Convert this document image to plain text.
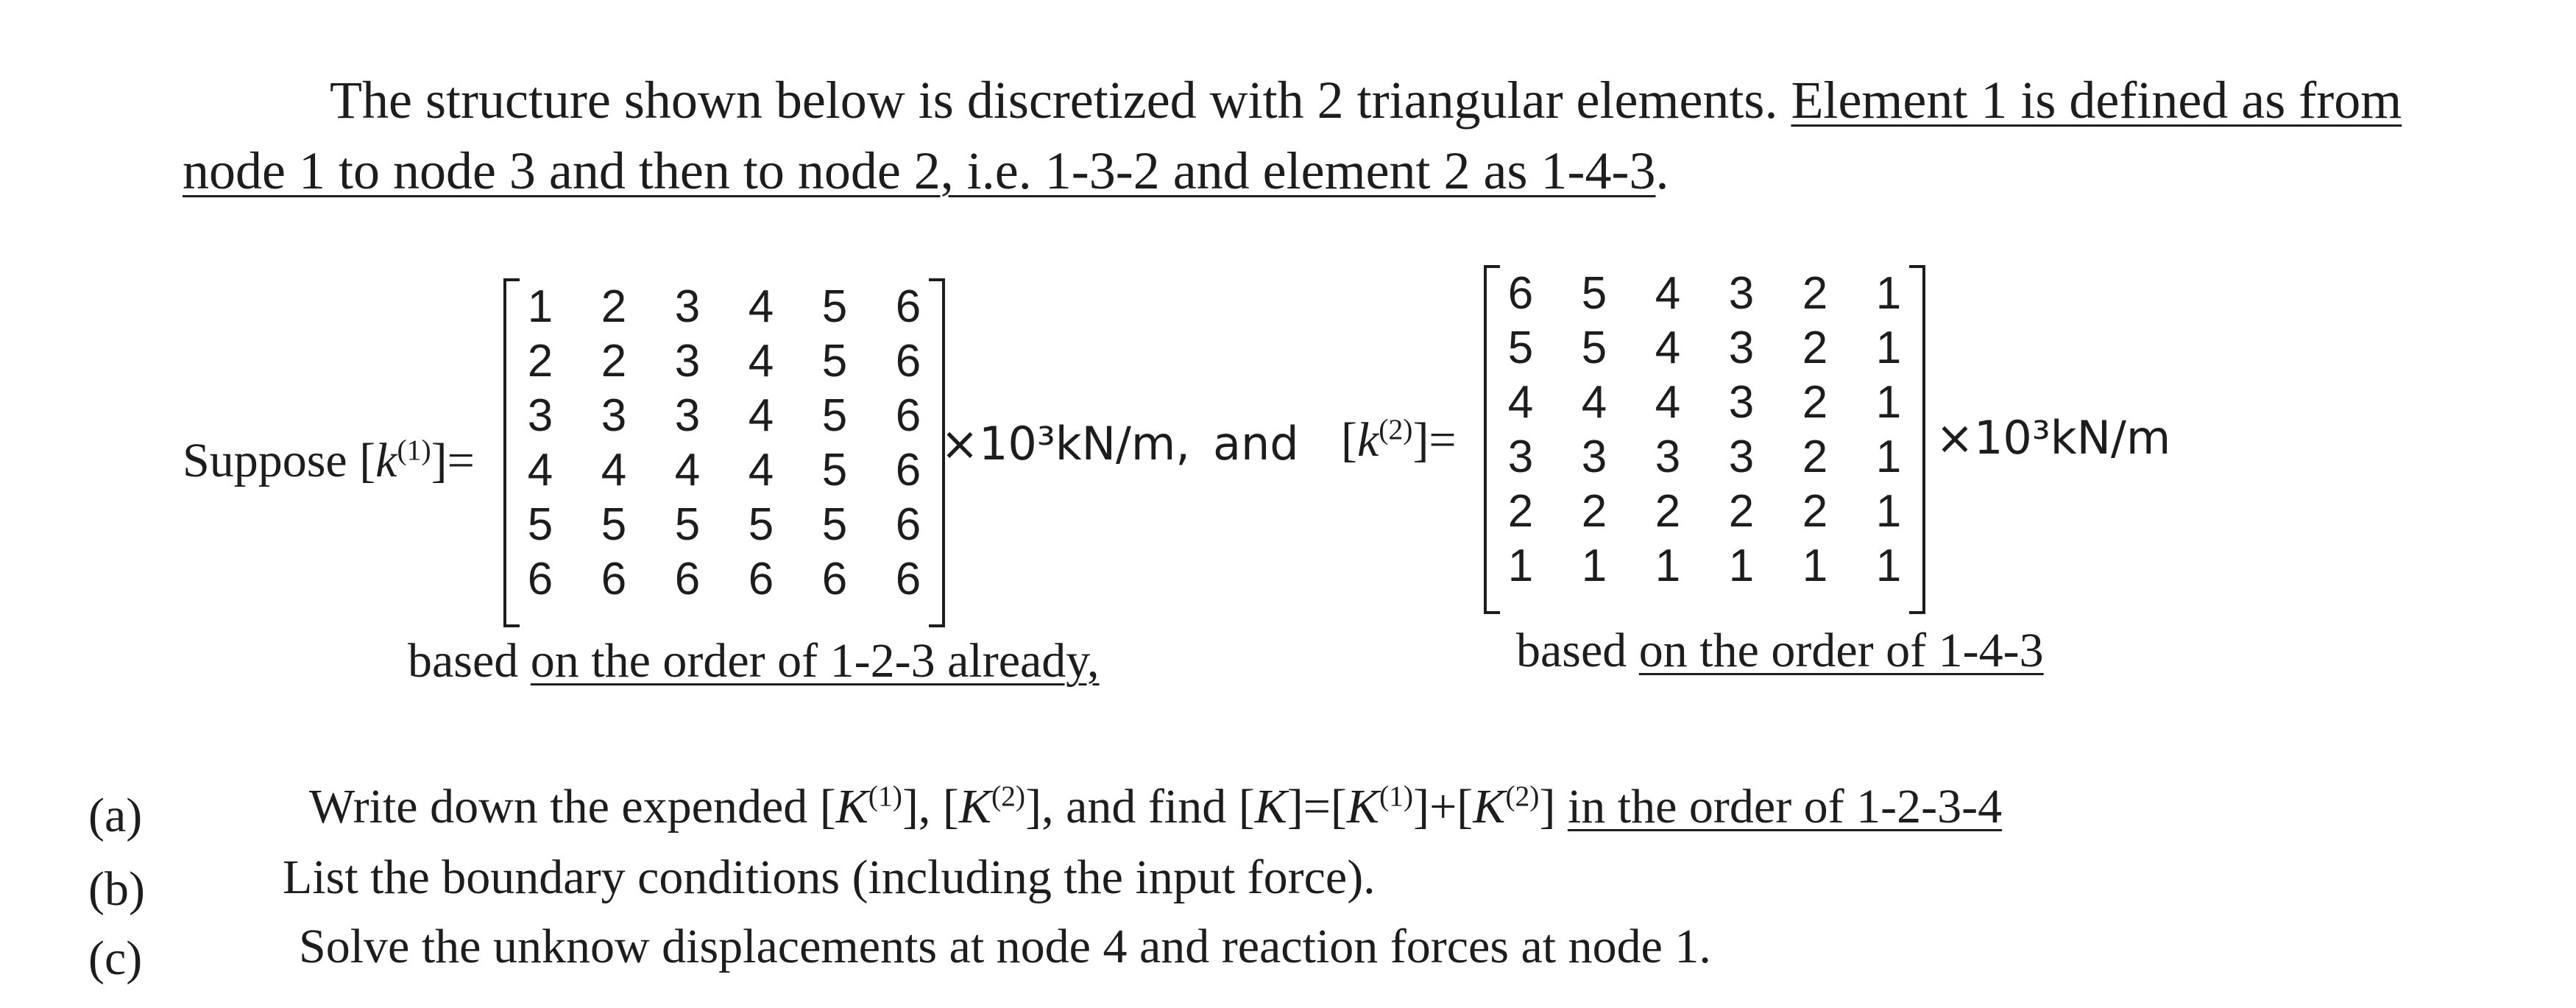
The structure shown below is discretized with 2 triangular elements. Element 1 is defined as from
node 1 to node 3 and then to node 2, i.e. 1-3-2 and element 2 as 1-4-3.
Suppose $[k^{(1)}]=$
1	2	3	4	5	6
2	2	3	4	5	6
3	3	3	4	5	6
4	4	4	4	5	6
5	5	5	5	5	6
6	6	6	6	6	6
×10³kN/m, and $[k^{(2)}]=$
6	5	4	3	2	1
5	5	4	3	2	1
4	4	4	3	2	1
3	3	3	3	2	1
2	2	2	2	2	1
1	1	1	1	1	1
×10³kN/m
based on the order of 1-2-3 already,	based on the order of 1-4-3
(a)	Write down the expended $[K^{(1)}]$, $[K^{(2)}]$, and find $[K]=[K^{(1)}]+[K^{(2)}]$ in the order of 1-2-3-4
(b)	List the boundary conditions (including the input force).
(c)	Solve the unknow displacements at node 4 and reaction forces at node 1.
